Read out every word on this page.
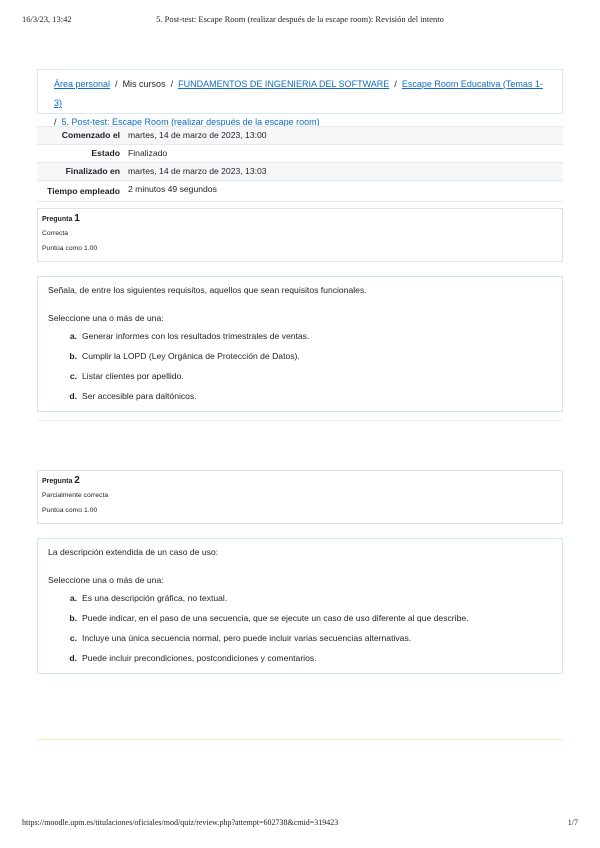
16/3/23, 13:42	5. Post-test: Escape Room (realizar después de la escape room): Revisión del intento
Área personal / Mis cursos / FUNDAMENTOS DE INGENIERIA DEL SOFTWARE / Escape Room Educativa (Temas 1-3)
/ 5. Post-test: Escape Room (realizar después de la escape room)
Comenzado el martes, 14 de marzo de 2023, 13:00
Estado Finalizado
Finalizado en martes, 14 de marzo de 2023, 13:03
Tiempo empleado 2 minutos 49 segundos
Pregunta 1
Correcta
Puntúa como 1.00

Señala, de entre los siguientes requisitos, aquellos que sean requisitos funcionales.

Seleccione una o más de una:

a. Generar informes con los resultados trimestrales de ventas.
b. Cumplir la LOPD (Ley Orgánica de Protección de Datos).
c. Listar clientes por apellido.
d. Ser accesible para daltónicos.
Pregunta 2
Parcialmente correcta
Puntúa como 1.00

La descripción extendida de un caso de uso:

Seleccione una o más de una:

a. Es una descripción gráfica, no textual.
b. Puede indicar, en el paso de una secuencia, que se ejecute un caso de uso diferente al que describe.
c. Incluye una única secuencia normal, pero puede incluir varias secuencias alternativas.
d. Puede incluir precondiciones, postcondiciones y comentarios.
https://moodle.upm.es/titulaciones/oficiales/mod/quiz/review.php?attempt=602738&cmid=319423	1/7
